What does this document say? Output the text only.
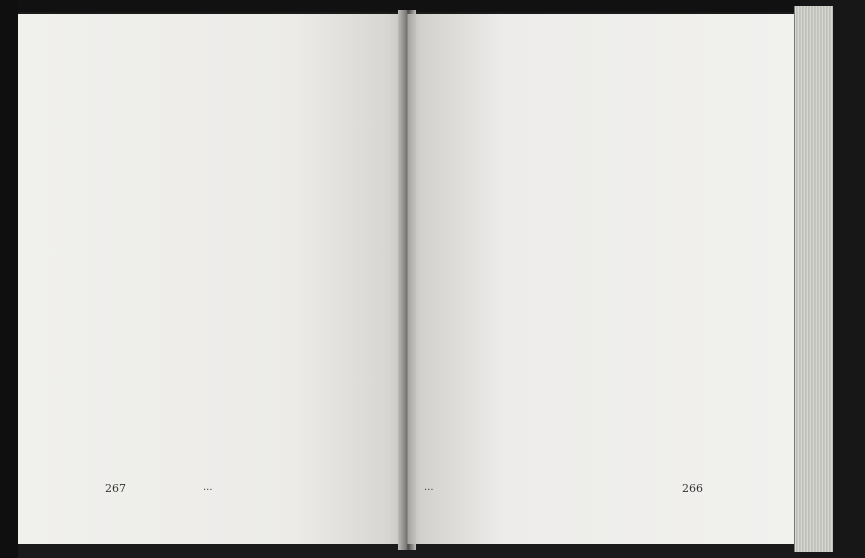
267	...	266
...
